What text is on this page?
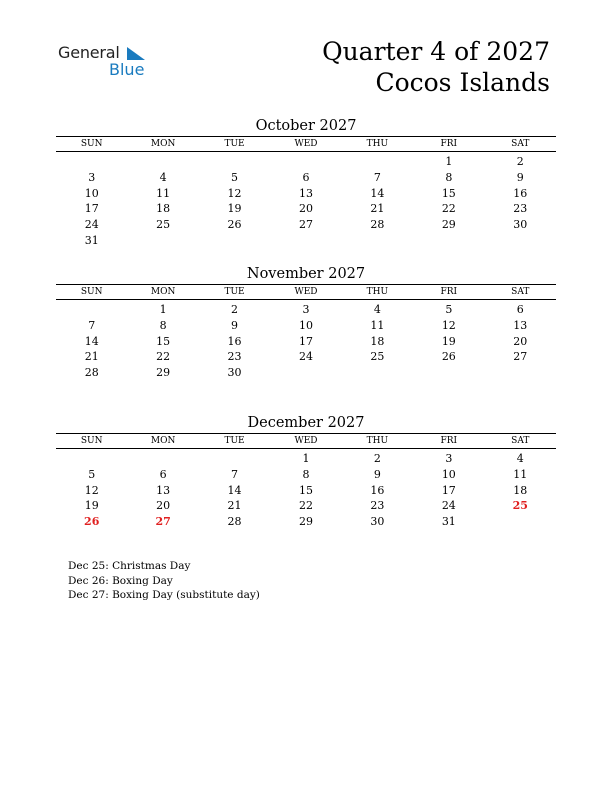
General
Blue
Quarter 4 of 2027
Cocos Islands
October 2027
SUN	MON	TUE	WED	THU	FRI	SAT

					1	2
3	4	5	6	7	8	9
10	11	12	13	14	15	16
17	18	19	20	21	22	23
24	25	26	27	28	29	30
31						
November 2027
SUN	MON	TUE	WED	THU	FRI	SAT

	1	2	3	4	5	6
7	8	9	10	11	12	13
14	15	16	17	18	19	20
21	22	23	24	25	26	27
28	29	30				
December 2027
SUN	MON	TUE	WED	THU	FRI	SAT

			1	2	3	4
5	6	7	8	9	10	11
12	13	14	15	16	17	18
19	20	21	22	23	24	25
26	27	28	29	30	31	
Dec 25: Christmas Day
Dec 26: Boxing Day
Dec 27: Boxing Day (substitute day)
